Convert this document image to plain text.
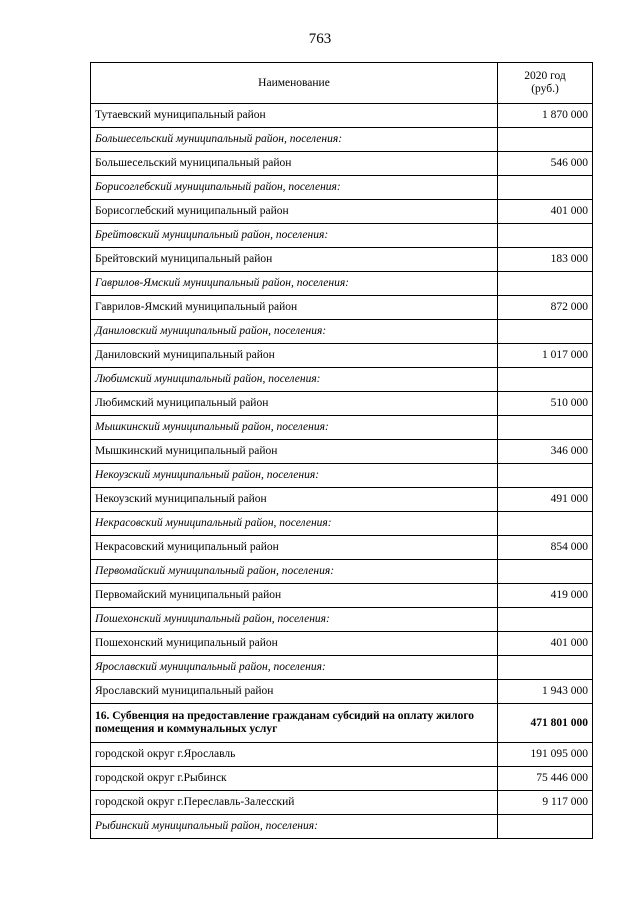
763
Наименование	2020 год
(руб.)
Тутаевский муниципальный район	1 870 000
Большесельский муниципальный район, поселения:	
Большесельский муниципальный район	546 000
Борисоглебский муниципальный район, поселения:	
Борисоглебский муниципальный район	401 000
Брейтовский муниципальный район, поселения:	
Брейтовский муниципальный район	183 000
Гаврилов-Ямский муниципальный район, поселения:	
Гаврилов-Ямский муниципальный район	872 000
Даниловский муниципальный район, поселения:	
Даниловский муниципальный район	1 017 000
Любимский муниципальный район, поселения:	
Любимский муниципальный район	510 000
Мышкинский муниципальный район, поселения:	
Мышкинский муниципальный район	346 000
Некоузский муниципальный район, поселения:	
Некоузский муниципальный район	491 000
Некрасовский муниципальный район, поселения:	
Некрасовский муниципальный район	854 000
Первомайский муниципальный район, поселения:	
Первомайский муниципальный район	419 000
Пошехонский муниципальный район, поселения:	
Пошехонский муниципальный район	401 000
Ярославский муниципальный район, поселения:	
Ярославский муниципальный район	1 943 000
16. Субвенция на предоставление гражданам субсидий на оплату жилого помещения и коммунальных услуг	471 801 000
городской округ г.Ярославль	191 095 000
городской округ г.Рыбинск	75 446 000
городской округ г.Переславль-Залесский	9 117 000
Рыбинский муниципальный район, поселения:	
